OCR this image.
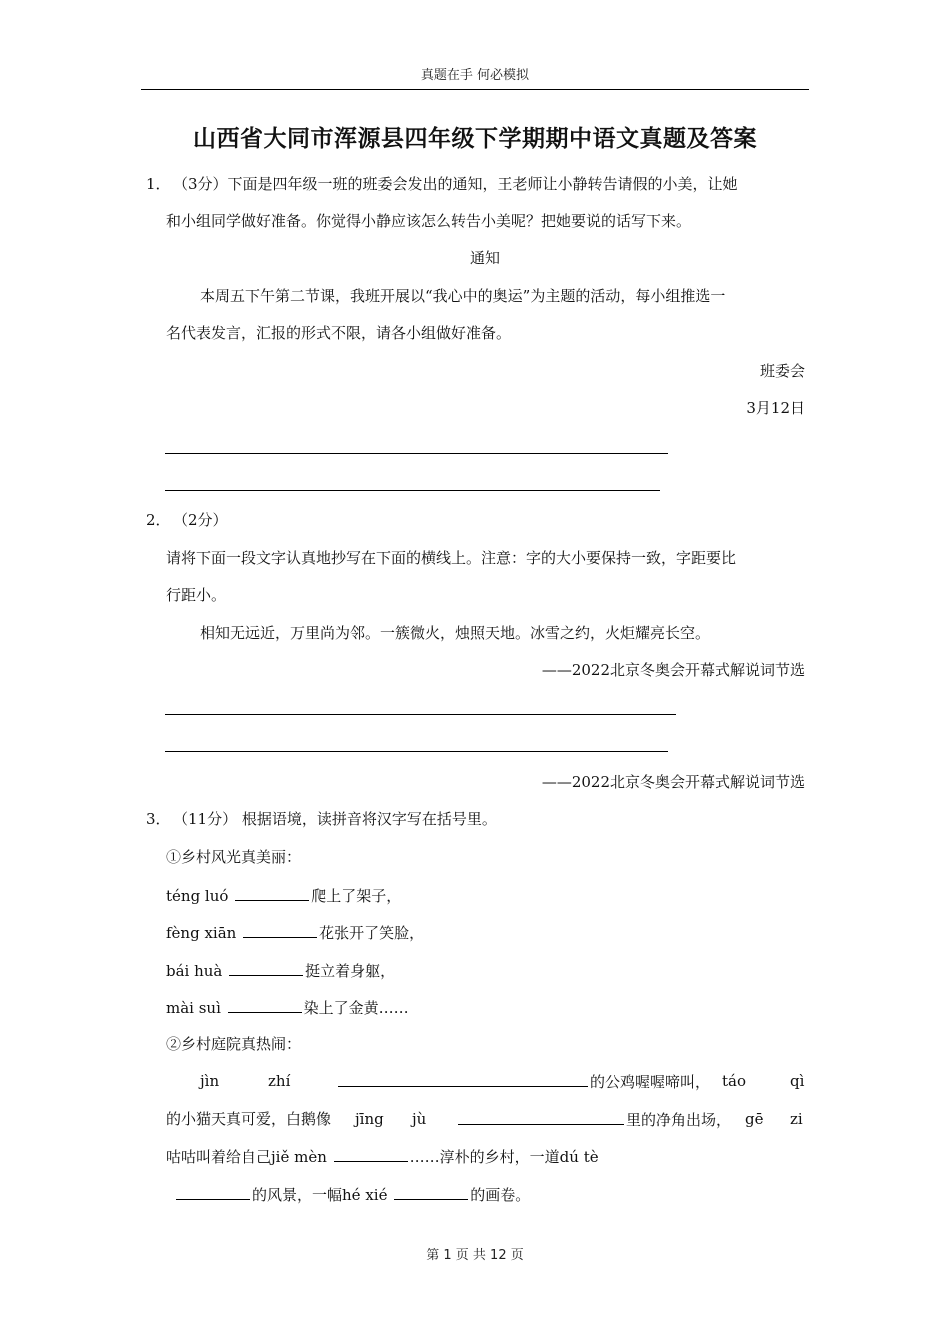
真题在手 何必模拟
山西省大同市浑源县四年级下学期期中语文真题及答案
1． （3分）下面是四年级一班的班委会发出的通知，王老师让小静转告请假的小美，让她
和小组同学做好准备。你觉得小静应该怎么转告小美呢？把她要说的话写下来。
通知
本周五下午第二节课，我班开展以“我心中的奥运”为主题的活动，每小组推选一
名代表发言，汇报的形式不限，请各小组做好准备。
班委会
3月12日
2． （2分）
请将下面一段文字认真地抄写在下面的横线上。注意：字的大小要保持一致，字距要比
行距小。
相知无远近，万里尚为邻。一簇微火，烛照天地。冰雪之约，火炬耀亮长空。
——2022北京冬奥会开幕式解说词节选
——2022北京冬奥会开幕式解说词节选
3． （11分） 根据语境，读拼音将汉字写在括号里。
①乡村风光真美丽：
téng luó	爬上了架子，
fèng xiān	花张开了笑脸，
bái huà	挺立着身躯，
mài suì	染上了金黄……
②乡村庭院真热闹：
jìn	zhí	的公鸡喔喔啼叫， táo	qì
的小猫天真可爱，白鹅像 jīng jù	里的净角出场， gē zi
咕咕叫着给自己jiě mèn	……淳朴的乡村，一道dú tè
的风景，一幅hé xié	的画卷。
第 1 页 共 12 页
